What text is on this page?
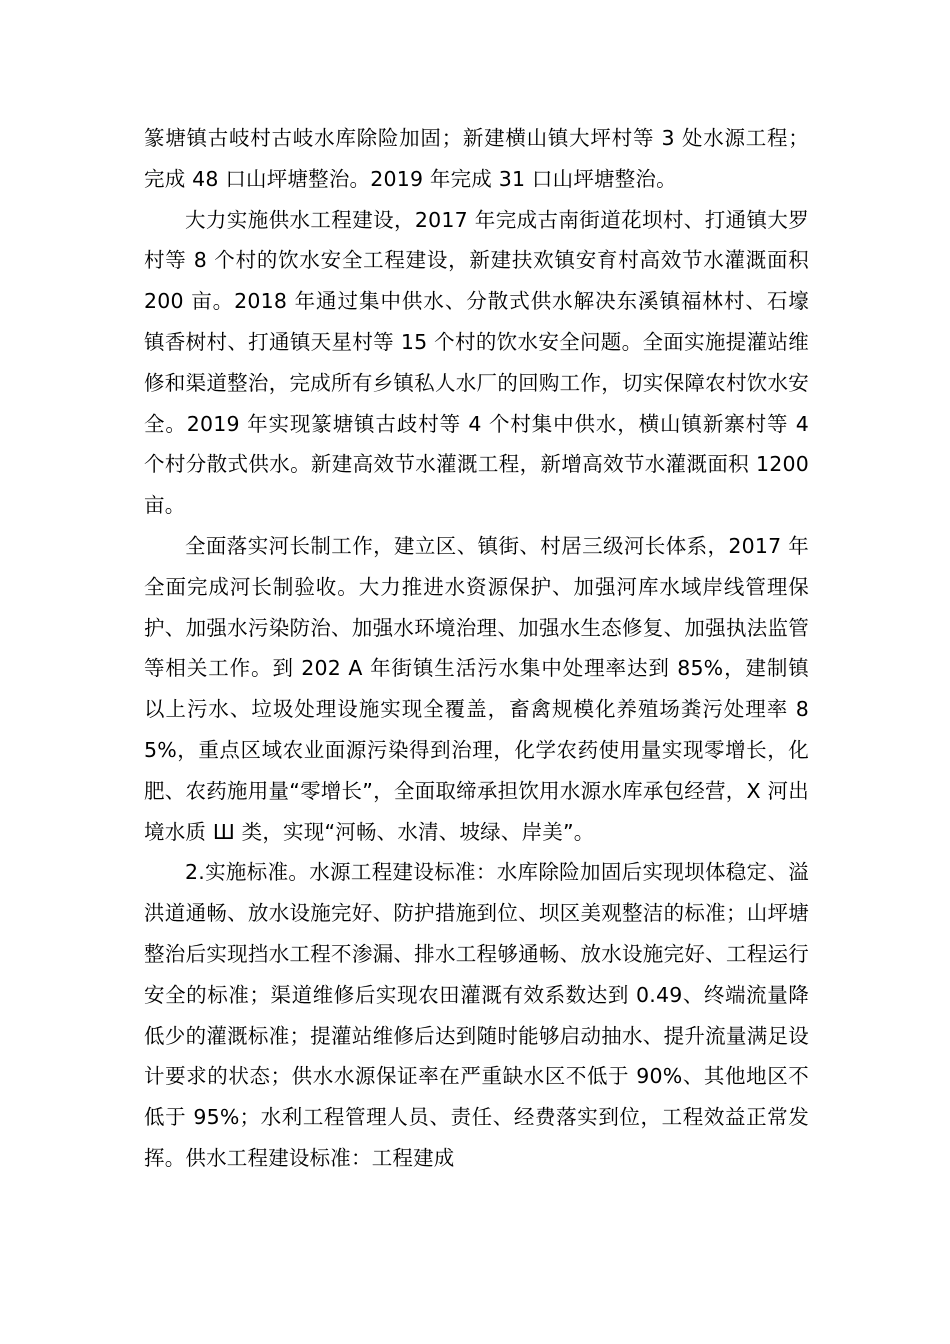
篆塘镇古岐村古岐水库除险加固；新建横山镇大坪村等 3 处水源工程；完成 48 口山坪塘整治。2019 年完成 31 口山坪塘整治。

大力实施供水工程建设，2017 年完成古南街道花坝村、打通镇大罗村等 8 个村的饮水安全工程建设，新建扶欢镇安育村高效节水灌溉面积 200 亩。2018 年通过集中供水、分散式供水解决东溪镇福林村、石壕镇香树村、打通镇天星村等 15 个村的饮水安全问题。全面实施提灌站维修和渠道整治，完成所有乡镇私人水厂的回购工作，切实保障农村饮水安全。2019 年实现篆塘镇古歧村等 4 个村集中供水，横山镇新寨村等 4 个村分散式供水。新建高效节水灌溉工程，新增高效节水灌溉面积 1200 亩。

全面落实河长制工作，建立区、镇街、村居三级河长体系，2017 年全面完成河长制验收。大力推进水资源保护、加强河库水域岸线管理保护、加强水污染防治、加强水环境治理、加强水生态修复、加强执法监管等相关工作。到 202 A 年街镇生活污水集中处理率达到 85%，建制镇以上污水、垃圾处理设施实现全覆盖，畜禽规模化养殖场粪污处理率 85%，重点区域农业面源污染得到治理，化学农药使用量实现零增长，化肥、农药施用量“零增长”，全面取缔承担饮用水源水库承包经营，X 河出境水质 Ш 类，实现“河畅、水清、坡绿、岸美”。

2.实施标准。水源工程建设标准：水库除险加固后实现坝体稳定、溢洪道通畅、放水设施完好、防护措施到位、坝区美观整洁的标准；山坪塘整治后实现挡水工程不渗漏、排水工程够通畅、放水设施完好、工程运行安全的标准；渠道维修后实现农田灌溉有效系数达到 0.49、终端流量降低少的灌溉标准；提灌站维修后达到随时能够启动抽水、提升流量满足设计要求的状态；供水水源保证率在严重缺水区不低于 90%、其他地区不低于 95%；水利工程管理人员、责任、经费落实到位，工程效益正常发挥。供水工程建设标准：工程建成
